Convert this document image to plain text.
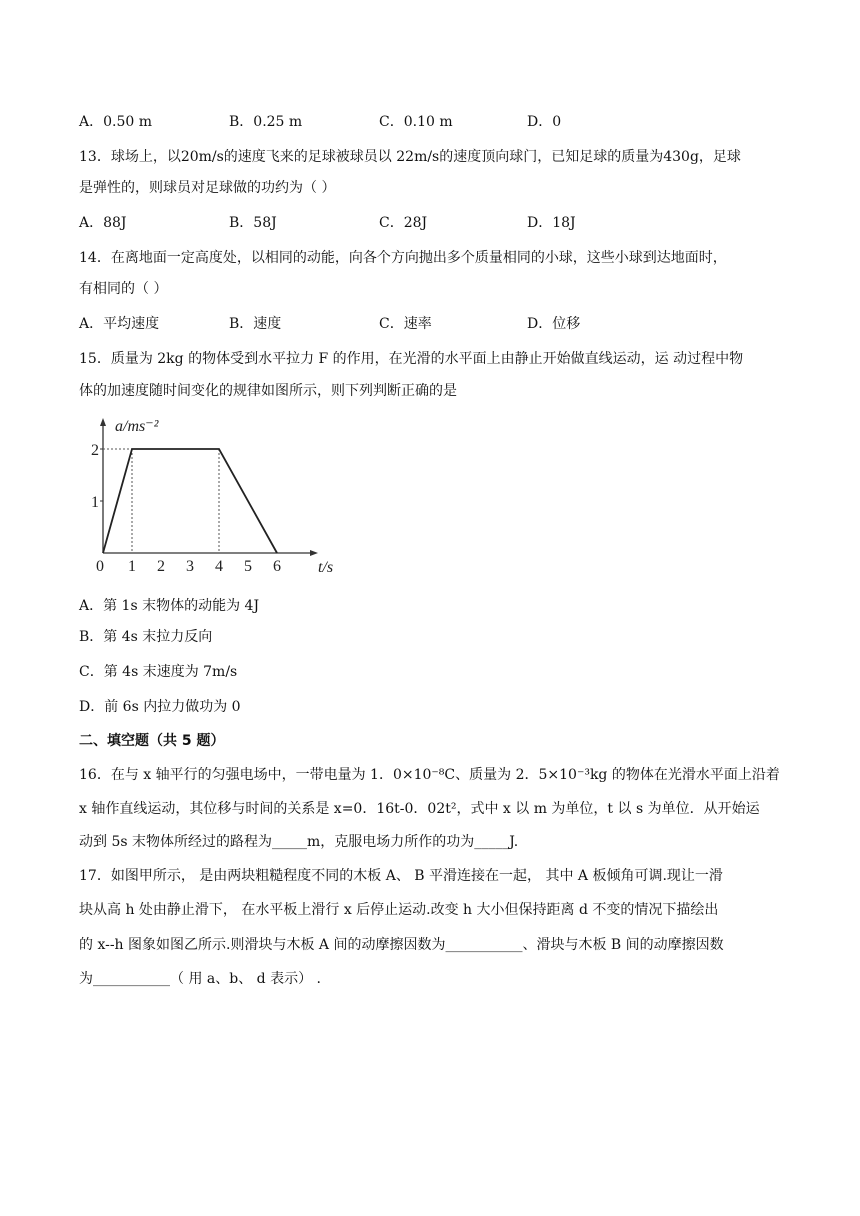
A．0.50 m	B．0.25 m	C．0.10 m	D．0
13．球场上，以20m/s的速度飞来的足球被球员以 22m/s的速度顶向球门，已知足球的质量为430g，足球
是弹性的，则球员对足球做的功约为（ ）
A．88J	B．58J	C．28J	D．18J
14．在离地面一定高度处，以相同的动能，向各个方向抛出多个质量相同的小球，这些小球到达地面时，
有相同的（ ）
A．平均速度	B．速度	C．速率	D．位移
15．质量为 2kg 的物体受到水平拉力 F 的作用，在光滑的水平面上由静止开始做直线运动，运 动过程中物
体的加速度随时间变化的规律如图所示，则下列判断正确的是
1
2
0 1 2 3 4 5 6
a/ms⁻²
t/s
A．第 1s 末物体的动能为 4J
B．第 4s 末拉力反向
C．第 4s 末速度为 7m/s
D．前 6s 内拉力做功为 0
二、填空题（共 5 题）
16．在与 x 轴平行的匀强电场中，一带电量为 1．0×10⁻⁸C、质量为 2．5×10⁻³kg 的物体在光滑水平面上沿着
x 轴作直线运动，其位移与时间的关系是 x=0．16t-0．02t²，式中 x 以 m 为单位，t 以 s 为单位．从开始运
动到 5s 末物体所经过的路程为_____m，克服电场力所作的功为_____J.
17．如图甲所示， 是由两块粗糙程度不同的木板 A、 B 平滑连接在一起， 其中 A 板倾角可调.现让一滑
块从高 h 处由静止滑下， 在水平板上滑行 x 后停止运动.改变 h 大小但保持距离 d 不变的情况下描绘出
的 x--h 图象如图乙所示.则滑块与木板 A 间的动摩擦因数为___________、滑块与木板 B 间的动摩擦因数
为___________（ 用 a、b、 d 表示） .
